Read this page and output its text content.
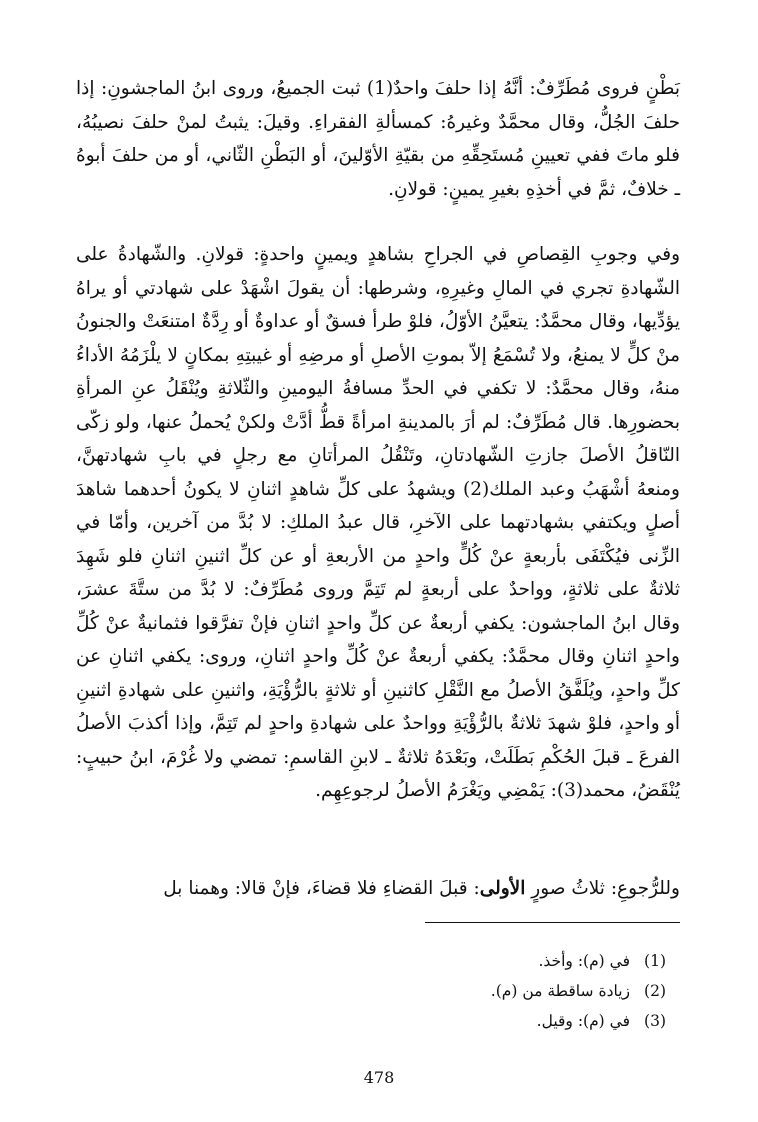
بَطْنٍ فروى مُطَرِّفٌ: أنَّهُ إذا حلفَ واحدٌ(1) ثبت الجميعُ، وروى ابنُ الماجشونِ: إذا حلفَ الجُلُّ، وقال محمَّدٌ وغيرهُ: كمسألةِ الفقراءِ. وقيلَ: يثبتُ لمنْ حلفَ نصيبُهُ، فلو ماتَ ففي تعيينِ مُستَحِقِّهِ من بقيّةِ الأوّلينَ، أو البَطْنِ الثّاني، أو من حلفَ أبوهُ ـ خلافٌ، ثمَّ في أخذِهِ بغيرِ يمينٍ: قولانِ.

وفي وجوبِ القِصاصِ في الجراحِ بشاهدٍ ويمينٍ واحدةٍ: قولانِ. والشّهادةُ على الشّهادةِ تجري في المالِ وغيرِهِ، وشرطها: أن يقولَ اشْهَدْ على شهادتي أو يراهُ يؤدِّيها، وقال محمَّدٌ: يتعيَّنُ الأوّلُ، فلوْ طرأ فسقٌ أو عداوةٌ أو رِدَّةٌ امتنعَتْ والجنونُ منْ كلٍّ لا يمنعُ، ولا تُسْمَعُ إلاّ بموتِ الأصلِ أو مرضِهِ أو غيبتِهِ بمكانٍ لا يلْزَمُهُ الأداءُ منهُ، وقال محمَّدٌ: لا تكفي في الحدِّ مسافةُ اليومينِ والثّلاثةِ ويُنْقَلُ عنِ المرأةِ بحضورِها. قال مُطَرِّفٌ: لم أرَ بالمدينةِ امرأةً قطُّ أدَّتْ ولكنْ يُحملُ عنها، ولو زكّى النّاقلُ الأصلَ جازتِ الشّهادتانِ، وتَنْقُلُ المرأتانِ مع رجلٍ في بابِ شهادتهنَّ، ومنعهُ أشْهَبُ وعبد الملك(2) ويشهدُ على كلِّ شاهدٍ اثنانِ لا يكونُ أحدهما شاهدَ أصلٍ ويكتفي بشهادتهما على الآخرِ، قال عبدُ الملكِ: لا بُدَّ من آخرين، وأمّا في الزِّنى فيُكْتَفَى بأربعةٍ عنْ كُلٍّ واحدٍ من الأربعةِ أو عن كلِّ اثنينِ اثنانِ فلو شَهِدَ ثلاثةٌ على ثلاثةٍ، وواحدٌ على أربعةٍ لم تَتِمَّ وروى مُطَرِّفٌ: لا بُدَّ من ستَّةَ عشرَ، وقال ابنُ الماجشون: يكفي أربعةٌ عن كلِّ واحدٍ اثنانِ فإنْ تفرَّقوا فثمانيةٌ عنْ كُلِّ واحدٍ اثنانِ وقال محمَّدٌ: يكفي أربعةٌ عنْ كُلِّ واحدٍ اثنانِ، وروى: يكفي اثنانِ عن كلِّ واحدٍ، ويُلَفَّقُ الأصلُ مع النَّقْلِ كاثنينِ أو ثلاثةٍ بالرُّؤْيَةِ، واثنينِ على شهادةِ اثنينِ أو واحدٍ، فلوْ شهدَ ثلاثةٌ بالرُّؤْيَةِ وواحدٌ على شهادةِ واحدٍ لم تَتِمَّ، وإذا أكذبَ الأصلُ الفرعَ ـ قبلَ الحُكْمِ بَطَلَتْ، وبَعْدَهُ ثلاثةٌ ـ لابنِ القاسمِ: تمضي ولا غُرْمَ، ابنُ حبيبٍ: يُنْقَضُ، محمد(3): يَمْضِي ويَغْرَمُ الأصلُ لرجوعِهِم.

وللرُّجوعِ: ثلاثُ صورٍ الأولى: قبلَ القضاءِ فلا قضاءَ، فإنْ قالا: وهمنا بل

(1)
في (م): وأخذ.
(2)
زيادة ساقطة من (م).
(3)
في (م): وقيل.
478
